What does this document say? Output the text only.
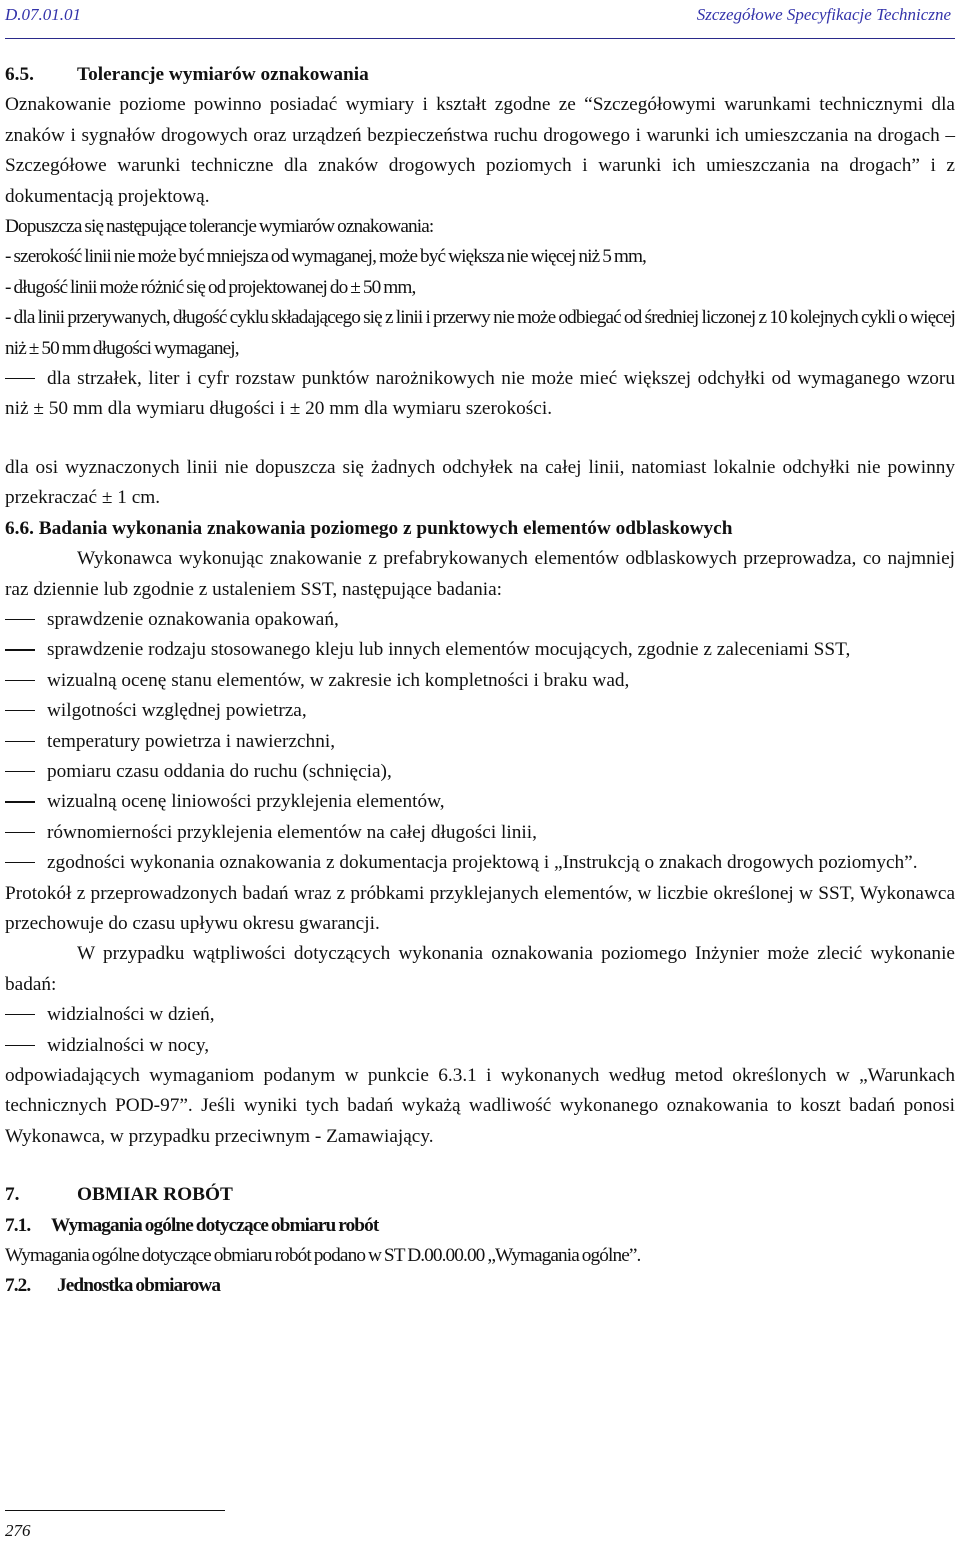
D.07.01.01	Szczegółowe Specyfikacje Techniczne

6.5. Tolerancje wymiarów oznakowania

Oznakowanie poziome powinno posiadać wymiary i kształt zgodne ze “Szczegółowymi warunkami technicznymi dla znaków i sygnałów drogowych oraz urządzeń bezpieczeństwa ruchu drogowego i warunki ich umieszczania na drogach – Szczegółowe warunki techniczne dla znaków drogowych poziomych i warunki ich umieszczania na drogach” i z dokumentacją projektową.

Dopuszcza się następujące tolerancje wymiarów oznakowania:

- szerokość linii nie może być mniejsza od wymaganej, może być większa nie więcej niż 5 mm,

- długość linii może różnić się od projektowanej do ± 50 mm,

- dla linii przerywanych, długość cyklu składającego się z linii i przerwy nie może odbiegać od średniej liczonej z 10 kolejnych cykli o więcej niż ± 50 mm długości wymaganej,

dla strzałek, liter i cyfr rozstaw punktów narożnikowych nie może mieć większej odchyłki od wymaganego wzoru niż ± 50 mm dla wymiaru długości i ± 20 mm dla wymiaru szerokości.

dla osi wyznaczonych linii nie dopuszcza się żadnych odchyłek na całej linii, natomiast lokalnie odchyłki nie powinny przekraczać ± 1 cm.

6.6. Badania wykonania znakowania poziomego z punktowych elementów odblaskowych

Wykonawca wykonując znakowanie z prefabrykowanych elementów odblaskowych przeprowadza, co najmniej raz dziennie lub zgodnie z ustaleniem SST, następujące badania:

sprawdzenie oznakowania opakowań,

sprawdzenie rodzaju stosowanego kleju lub innych elementów mocujących, zgodnie z zaleceniami SST,

wizualną ocenę stanu elementów, w zakresie ich kompletności i braku wad,

wilgotności względnej powietrza,

temperatury powietrza i nawierzchni,

pomiaru czasu oddania do ruchu (schnięcia),

wizualną ocenę liniowości przyklejenia elementów,

równomierności przyklejenia elementów na całej długości linii,

zgodności wykonania oznakowania z dokumentacja projektową i „Instrukcją o znakach drogowych poziomych”.

Protokół z przeprowadzonych badań wraz z próbkami przyklejanych elementów, w liczbie określonej w SST, Wykonawca przechowuje do czasu upływu okresu gwarancji.

W przypadku wątpliwości dotyczących wykonania oznakowania poziomego Inżynier może zlecić wykonanie badań:

widzialności w dzień,

widzialności w nocy,

odpowiadających wymaganiom podanym w punkcie 6.3.1 i wykonanych według metod określonych w „Warunkach technicznych POD-97”. Jeśli wyniki tych badań wykażą wadliwość wykonanego oznakowania to koszt badań ponosi Wykonawca, w przypadku przeciwnym - Zamawiający.

7.	OBMIAR ROBÓT

7.1. Wymagania ogólne dotyczące obmiaru robót

Wymagania ogólne dotyczące obmiaru robót podano w ST D.00.00.00 „Wymagania ogólne”.

7.2. Jednostka obmiarowa

276
